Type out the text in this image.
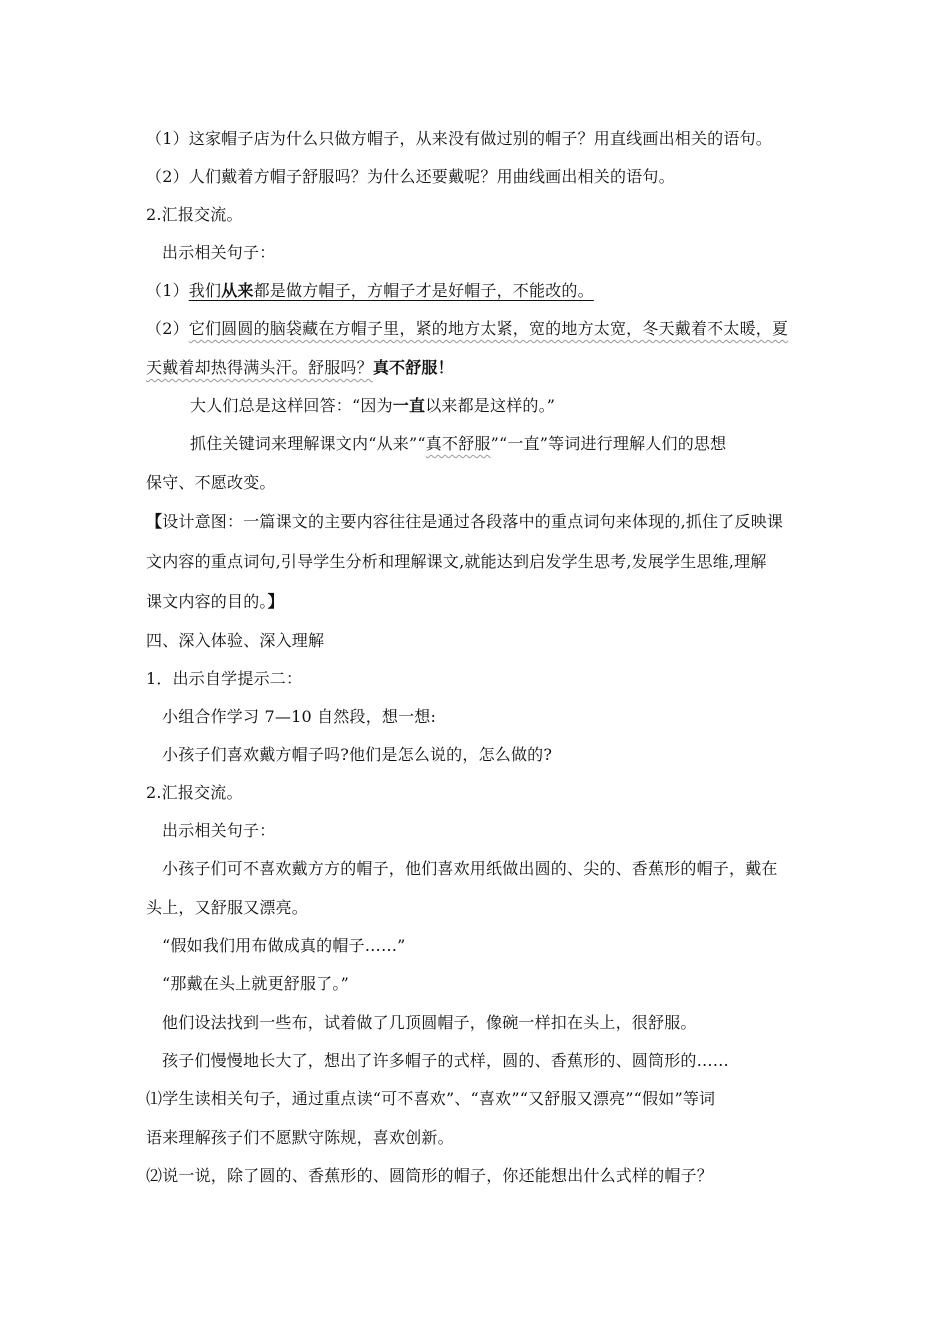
（1）这家帽子店为什么只做方帽子，从来没有做过别的帽子？用直线画出相关的语句。
（2）人们戴着方帽子舒服吗？为什么还要戴呢？用曲线画出相关的语句。
2.汇报交流。
出示相关句子：
（1）我们从来都是做方帽子，方帽子才是好帽子，不能改的。
（2）它们圆圆的脑袋藏在方帽子里，紧的地方太紧，宽的地方太宽，冬天戴着不太暖，夏
天戴着却热得满头汗。舒服吗？真不舒服！
大人们总是这样回答：“因为一直以来都是这样的。”
抓住关键词来理解课文内“从来”“真不舒服”“一直”等词进行理解人们的思想
保守、不愿改变。
【设计意图：一篇课文的主要内容往往是通过各段落中的重点词句来体现的,抓住了反映课
文内容的重点词句,引导学生分析和理解课文,就能达到启发学生思考,发展学生思维,理解
课文内容的目的。】
四、深入体验、深入理解
1．出示自学提示二：
小组合作学习 7—10 自然段，想一想:
小孩子们喜欢戴方帽子吗?他们是怎么说的，怎么做的?
2.汇报交流。
出示相关句子：
小孩子们可不喜欢戴方方的帽子，他们喜欢用纸做出圆的、尖的、香蕉形的帽子，戴在
头上，又舒服又漂亮。
“假如我们用布做成真的帽子……”
“那戴在头上就更舒服了。”
他们设法找到一些布，试着做了几顶圆帽子，像碗一样扣在头上，很舒服。
孩子们慢慢地长大了，想出了许多帽子的式样，圆的、香蕉形的、圆筒形的……
⑴学生读相关句子，通过重点读“可不喜欢”、“喜欢”“又舒服又漂亮”“假如”等词
语来理解孩子们不愿默守陈规，喜欢创新。
⑵说一说，除了圆的、香蕉形的、圆筒形的帽子，你还能想出什么式样的帽子？
